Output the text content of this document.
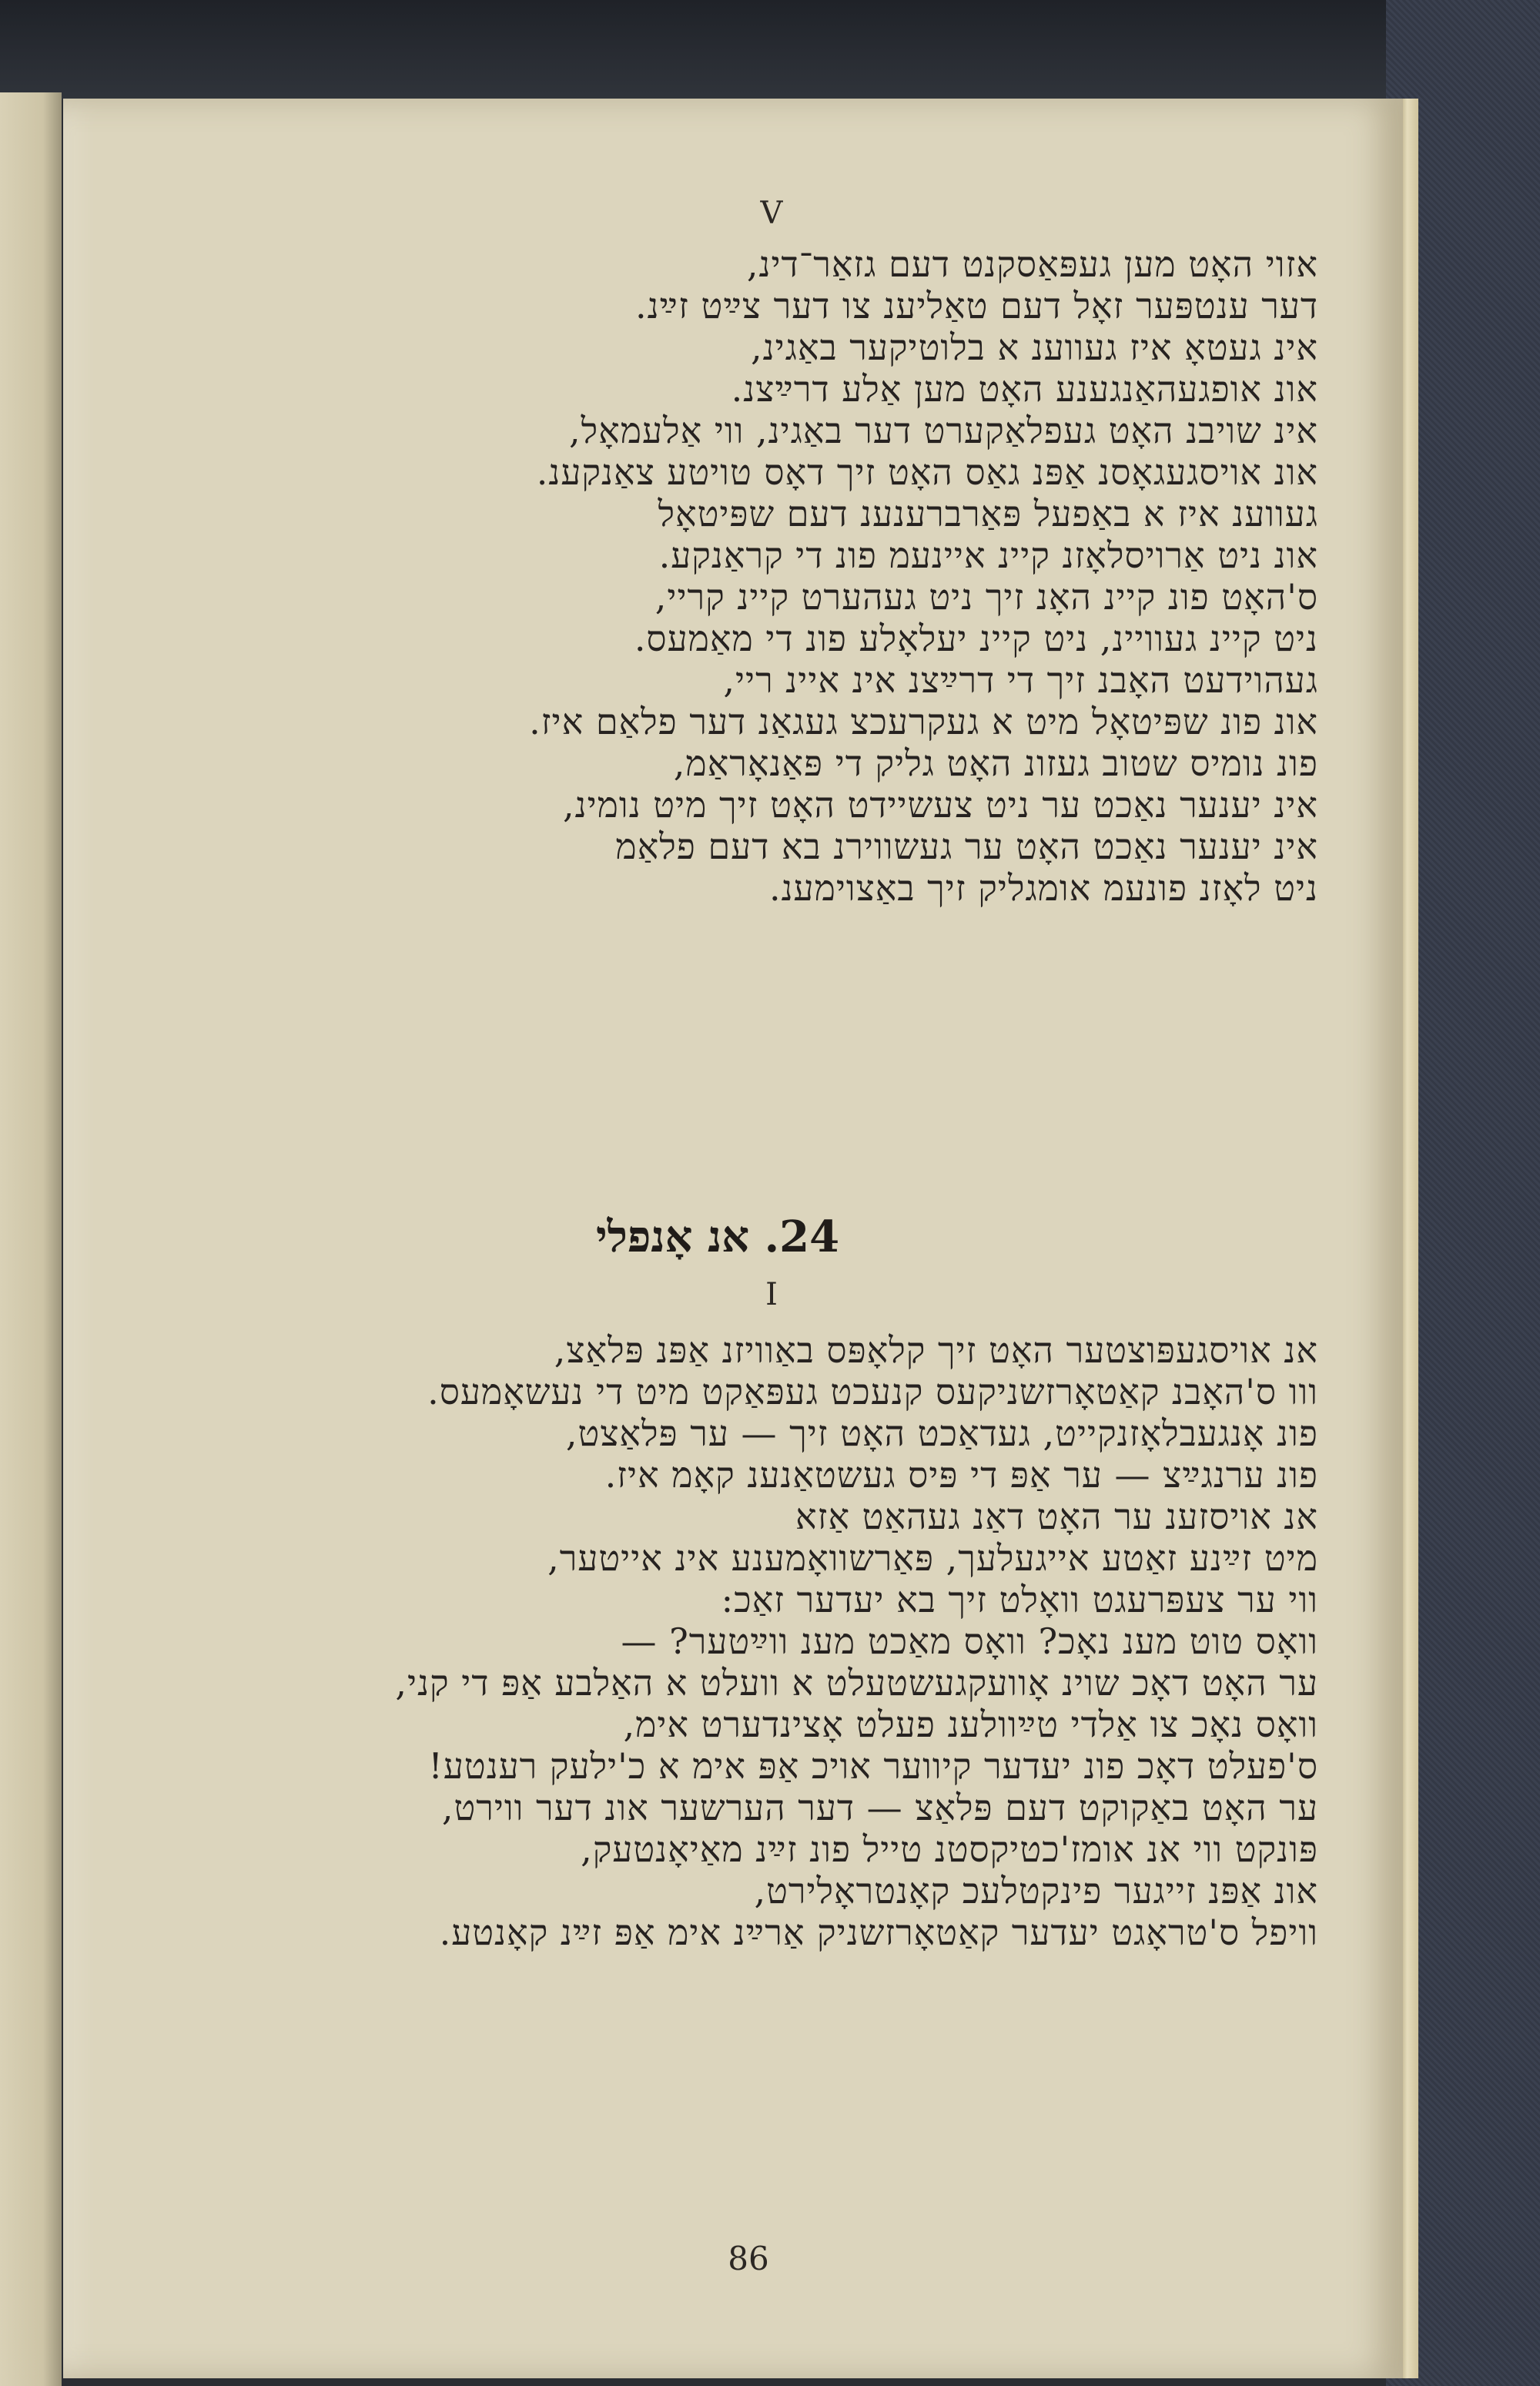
V
אזוי האָט מען געפּאַסקנט דעם גזאַר־דינ,
דער ענטפּער זאָל דעם טאַליענ צו דער צײַט זײַנ.
אינ געטאָ איז געווענ א בלוטיקער באַגינ,
אונ אופגעהאַנגענע האָט מען אַלע דרײַצנ.
אינ שויבנ האָט געפלאַקערט דער באַגינ, ווי אַלעמאָל,
אונ אויסגעגאָסנ אַפּנ גאַס האָט זיך דאָס טויטע צאַנקענ.
געווענ איז א באַפעל פּאַרברענענ דעם שפּיטאָל
אונ ניט אַרויסלאָזנ קיינ איינעמ פונ די קראַנקע.
ס'האָט פונ קיינ האָנ זיך ניט געהערט קיינ קריי,
ניט קיינ געוויינ, ניט קיינ יעלאָלע פונ די מאַמעס.
געהוידעט האָבנ זיך די דרײַצנ אינ איינ ריי,
אונ פונ שפּיטאָל מיט א געקרעכצ געגאַנ דער פלאַם איז.
פונ נומיס שטוב געזונ האָט גליק די פּאַנאָראַמ,
אינ יענער נאַכט ער ניט צעשיידט האָט זיך מיט נומינ,
אינ יענער נאַכט האָט ער געשווירנ בא דעם פלאַמ
ניט לאָזנ פונעמ אומגליק זיך באַצוימענ.
24. אנ אָנפלי
I
אנ אויסגעפּוצטער האָט זיך קלאָפּס באַוויזנ אַפּנ פּלאַצ,
ווו ס'האָבנ קאַטאָרזשניקעס קנעכט געפּאַקט מיט די נעשאָמעס.
פונ אָנגעבלאָזנקייט, געדאַכט האָט זיך — ער פּלאַצט,
פונ ערנגײַצ — ער אַפּ די פּיס געשטאַנענ קאָמ איז.
אנ אויסזענ ער האָט דאַנ געהאַט אַזא
מיט זײַנע זאַטע אייגעלעך, פּאַרשוואָמענע אינ אייטער,
ווי ער צעפּרעגט וואָלט זיך בא יעדער זאַכ:
וואָס טוט מענ נאָכ? וואָס מאַכט מענ ווײַטער? —
ער האָט דאָכ שוינ אָוועקגעשטעלט א וועלט א האַלבע אַפּ די קני,
וואָס נאָכ צו אַלדי טײַוולענ פעלט אָצינדערט אימ,
ס'פעלט דאָכ פונ יעדער קיווער אויכ אַפּ אימ א כ'ילעק רענטע!
ער האָט באַקוקט דעם פּלאַצ — דער הערשער אונ דער ווירט,
פּונקט ווי אנ אומז'כטיקסטנ טייל פונ זײַנ מאַיאָנטעק,
אונ אַפּנ זייגער פינקטלעכ קאָנטראָלירט,
וויפל ס'טראָגט יעדער קאַטאָרזשניק אַרײַנ אימ אַפּ זײַנ קאָנטע.
86
